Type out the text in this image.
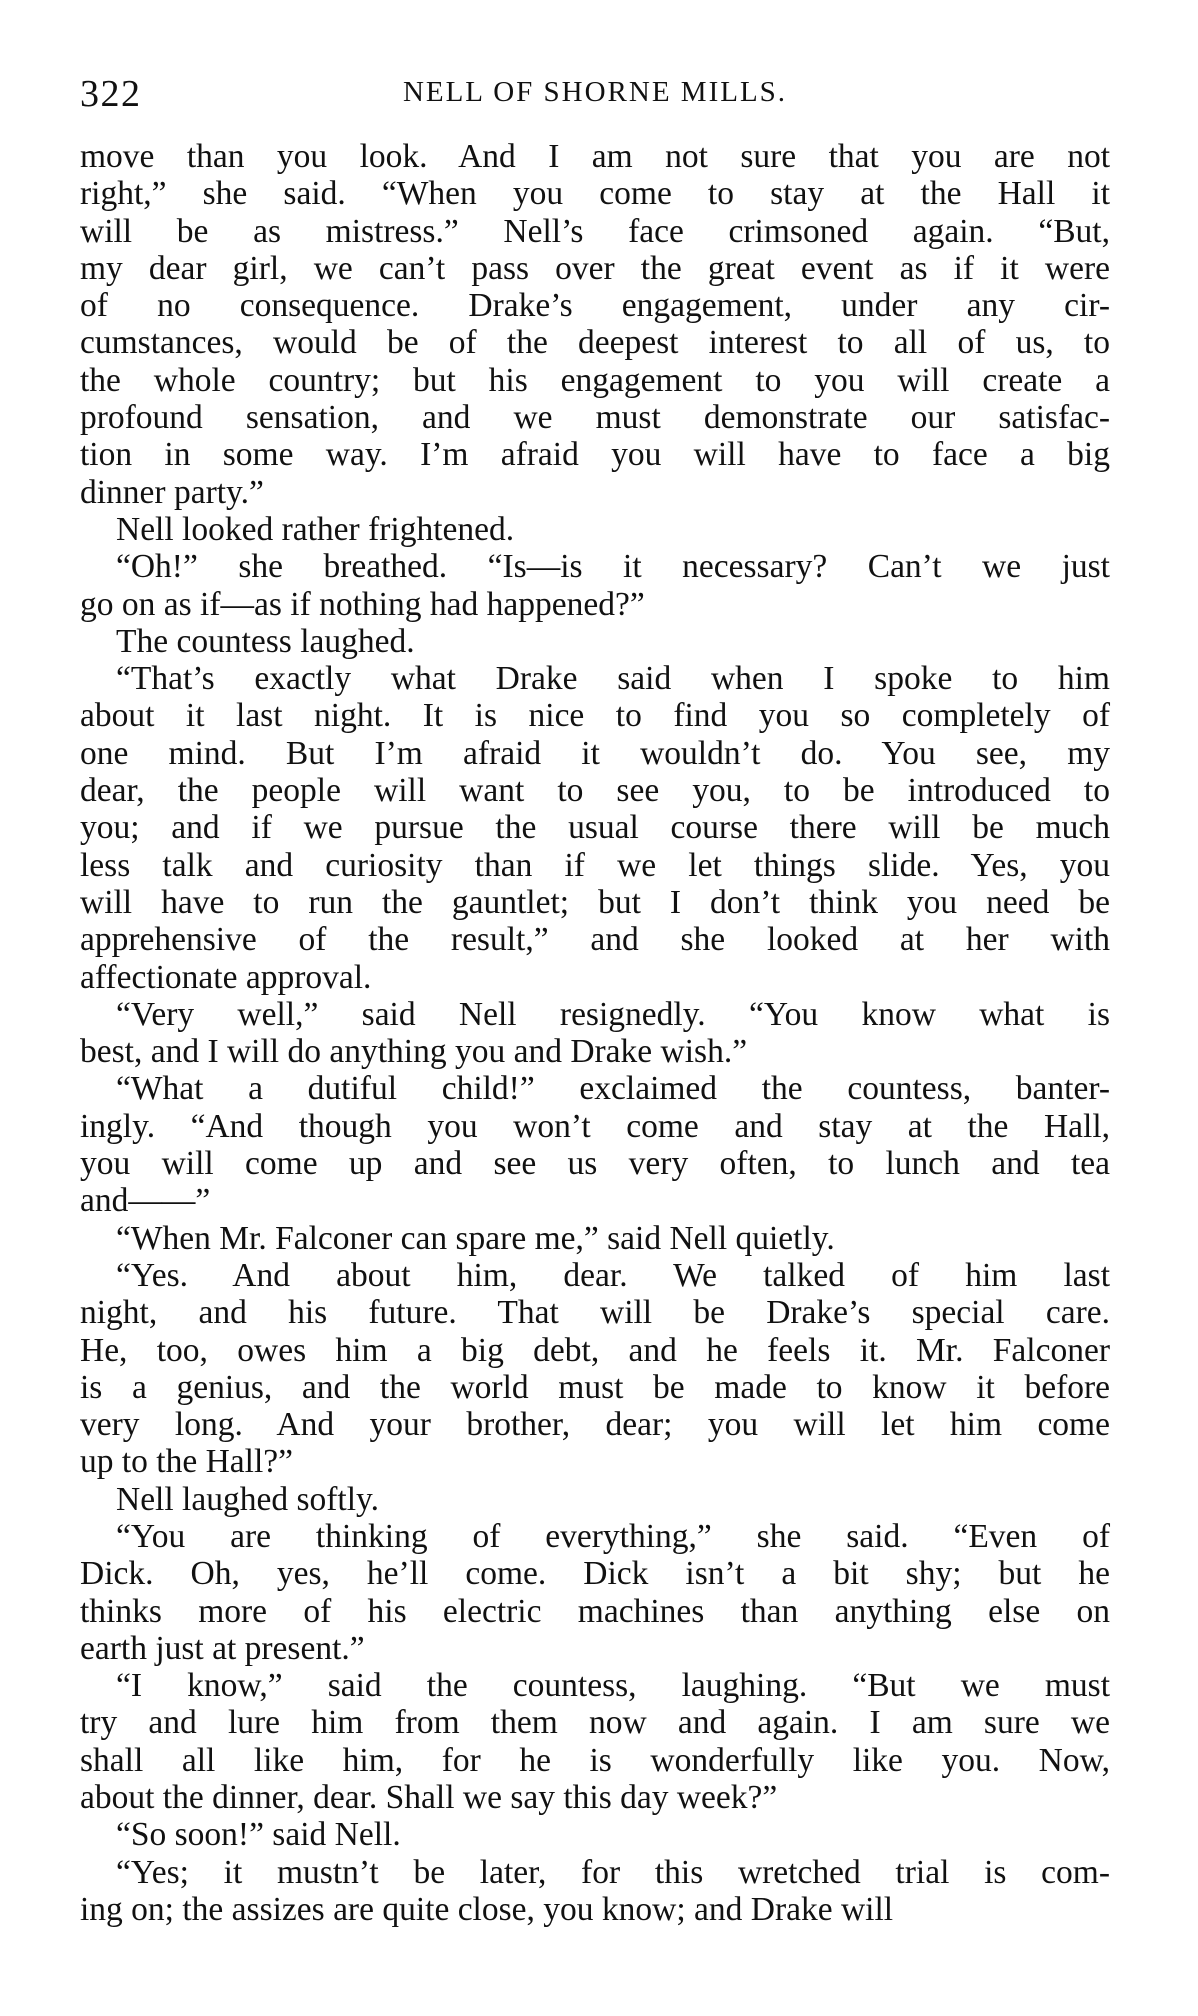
322	NELL OF SHORNE MILLS.
move than you look. And I am not sure that you are not
right,” she said. “When you come to stay at the Hall it
will be as mistress.” Nell’s face crimsoned again. “But,
my dear girl, we can’t pass over the great event as if it were
of no consequence. Drake’s engagement, under any cir-
cumstances, would be of the deepest interest to all of us, to
the whole country; but his engagement to you will create a
profound sensation, and we must demonstrate our satisfac-
tion in some way. I’m afraid you will have to face a big
dinner party.”
Nell looked rather frightened.
“Oh!” she breathed. “Is—is it necessary? Can’t we just
go on as if—as if nothing had happened?”
The countess laughed.
“That’s exactly what Drake said when I spoke to him
about it last night. It is nice to find you so completely of
one mind. But I’m afraid it wouldn’t do. You see, my
dear, the people will want to see you, to be introduced to
you; and if we pursue the usual course there will be much
less talk and curiosity than if we let things slide. Yes, you
will have to run the gauntlet; but I don’t think you need be
apprehensive of the result,” and she looked at her with
affectionate approval.
“Very well,” said Nell resignedly. “You know what is
best, and I will do anything you and Drake wish.”
“What a dutiful child!” exclaimed the countess, banter-
ingly. “And though you won’t come and stay at the Hall,
you will come up and see us very often, to lunch and tea
and——”
“When Mr. Falconer can spare me,” said Nell quietly.
“Yes. And about him, dear. We talked of him last
night, and his future. That will be Drake’s special care.
He, too, owes him a big debt, and he feels it. Mr. Falconer
is a genius, and the world must be made to know it before
very long. And your brother, dear; you will let him come
up to the Hall?”
Nell laughed softly.
“You are thinking of everything,” she said. “Even of
Dick. Oh, yes, he’ll come. Dick isn’t a bit shy; but he
thinks more of his electric machines than anything else on
earth just at present.”
“I know,” said the countess, laughing. “But we must
try and lure him from them now and again. I am sure we
shall all like him, for he is wonderfully like you. Now,
about the dinner, dear. Shall we say this day week?”
“So soon!” said Nell.
“Yes; it mustn’t be later, for this wretched trial is com-
ing on; the assizes are quite close, you know; and Drake will
